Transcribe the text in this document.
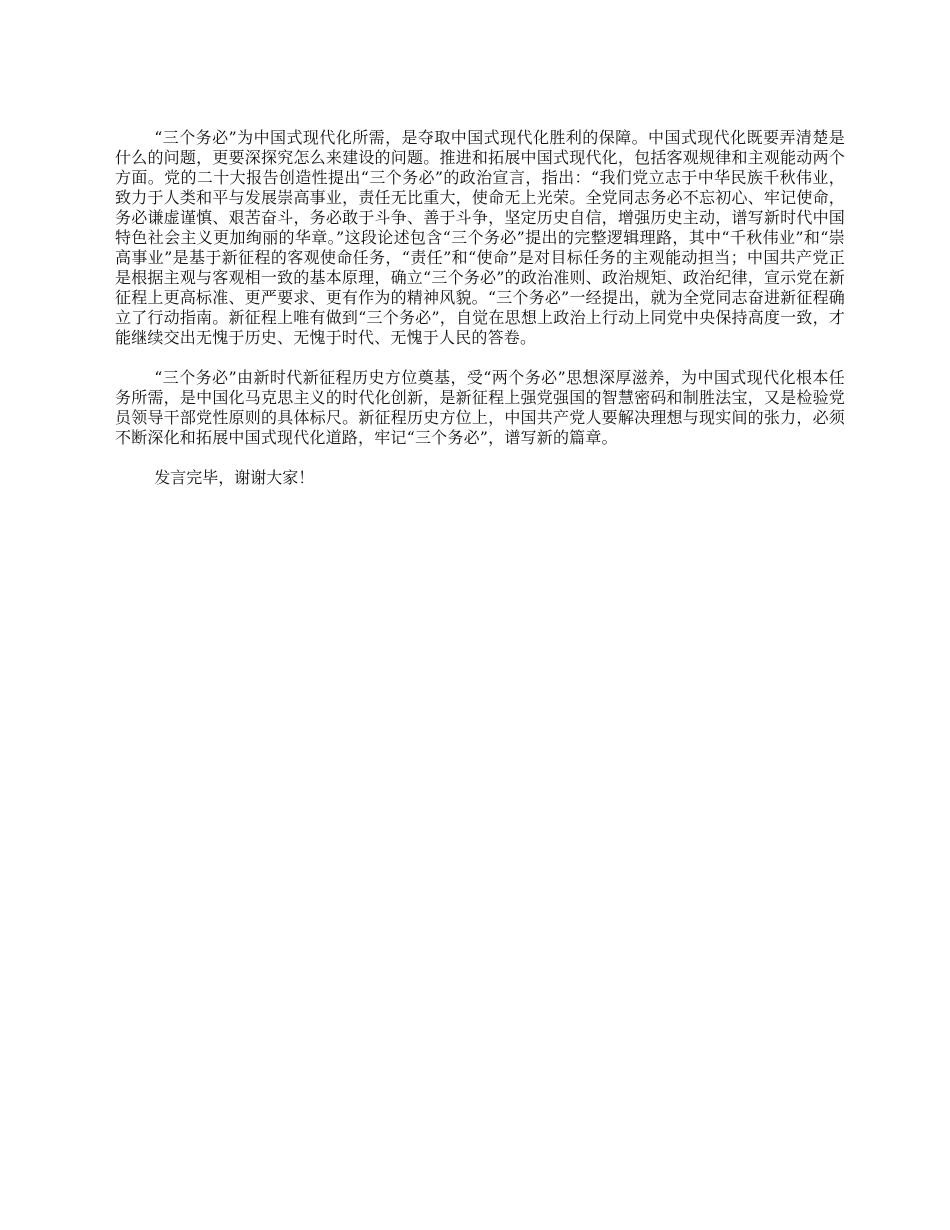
“三个务必”为中国式现代化所需，是夺取中国式现代化胜利的保障。中国式现代化既要弄清楚是什么的问题，更要深探究怎么来建设的问题。推进和拓展中国式现代化，包括客观规律和主观能动两个方面。党的二十大报告创造性提出“三个务必”的政治宣言，指出：“我们党立志于中华民族千秋伟业，致力于人类和平与发展崇高事业，责任无比重大，使命无上光荣。全党同志务必不忘初心、牢记使命，务必谦虚谨慎、艰苦奋斗，务必敢于斗争、善于斗争，坚定历史自信，增强历史主动，谱写新时代中国特色社会主义更加绚丽的华章。”这段论述包含“三个务必”提出的完整逻辑理路，其中“千秋伟业”和“崇高事业”是基于新征程的客观使命任务，“责任”和“使命”是对目标任务的主观能动担当；中国共产党正是根据主观与客观相一致的基本原理，确立“三个务必”的政治准则、政治规矩、政治纪律，宣示党在新征程上更高标准、更严要求、更有作为的精神风貌。“三个务必”一经提出，就为全党同志奋进新征程确立了行动指南。新征程上唯有做到“三个务必”，自觉在思想上政治上行动上同党中央保持高度一致，才能继续交出无愧于历史、无愧于时代、无愧于人民的答卷。

“三个务必”由新时代新征程历史方位奠基，受“两个务必”思想深厚滋养，为中国式现代化根本任务所需，是中国化马克思主义的时代化创新，是新征程上强党强国的智慧密码和制胜法宝，又是检验党员领导干部党性原则的具体标尺。新征程历史方位上，中国共产党人要解决理想与现实间的张力，必须不断深化和拓展中国式现代化道路，牢记“三个务必”，谱写新的篇章。

发言完毕，谢谢大家！
